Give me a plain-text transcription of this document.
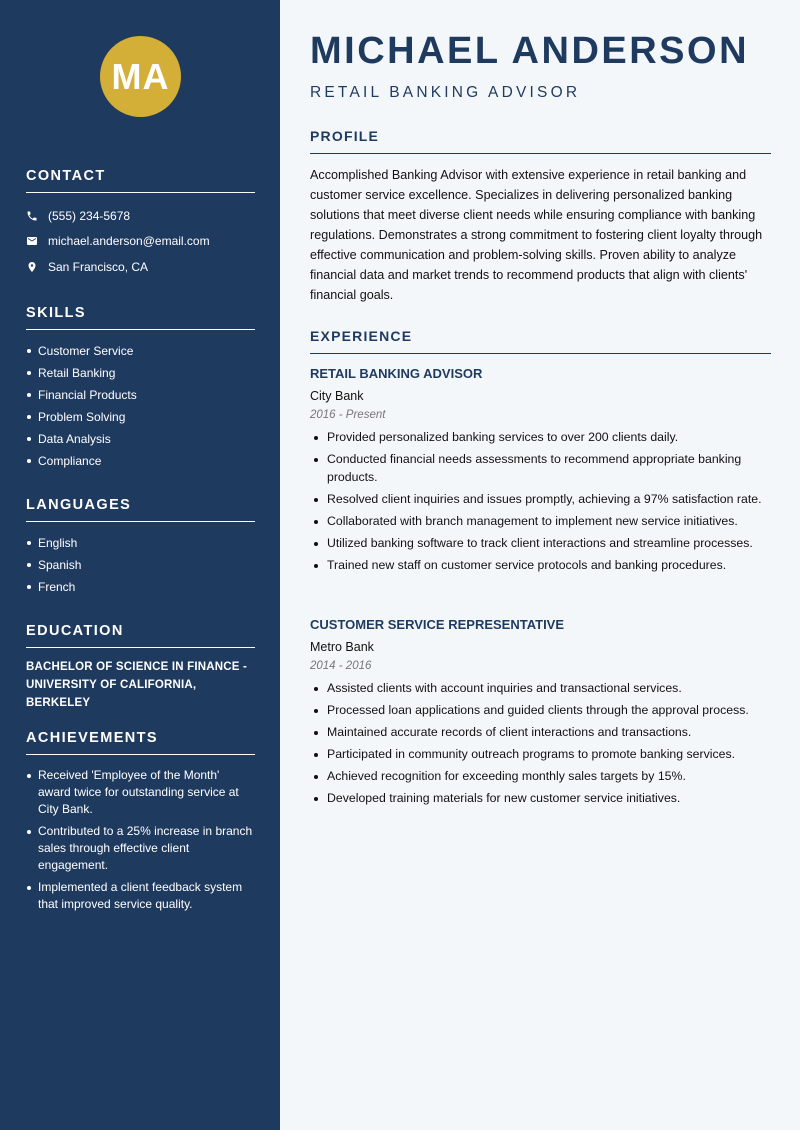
MA
CONTACT
(555) 234-5678
michael.anderson@email.com
San Francisco, CA
SKILLS
Customer Service
Retail Banking
Financial Products
Problem Solving
Data Analysis
Compliance
LANGUAGES
English
Spanish
French
EDUCATION
BACHELOR OF SCIENCE IN FINANCE - UNIVERSITY OF CALIFORNIA, BERKELEY
ACHIEVEMENTS
Received 'Employee of the Month' award twice for outstanding service at City Bank.
Contributed to a 25% increase in branch sales through effective client engagement.
Implemented a client feedback system that improved service quality.
MICHAEL ANDERSON
RETAIL BANKING ADVISOR
PROFILE

Accomplished Banking Advisor with extensive experience in retail banking and customer service excellence. Specializes in delivering personalized banking solutions that meet diverse client needs while ensuring compliance with banking regulations. Demonstrates a strong commitment to fostering client loyalty through effective communication and problem-solving skills. Proven ability to analyze financial data and market trends to recommend products that align with clients' financial goals.

EXPERIENCE
RETAIL BANKING ADVISOR
City Bank
2016 - Present
Provided personalized banking services to over 200 clients daily.
Conducted financial needs assessments to recommend appropriate banking products.
Resolved client inquiries and issues promptly, achieving a 97% satisfaction rate.
Collaborated with branch management to implement new service initiatives.
Utilized banking software to track client interactions and streamline processes.
Trained new staff on customer service protocols and banking procedures.
CUSTOMER SERVICE REPRESENTATIVE
Metro Bank
2014 - 2016
Assisted clients with account inquiries and transactional services.
Processed loan applications and guided clients through the approval process.
Maintained accurate records of client interactions and transactions.
Participated in community outreach programs to promote banking services.
Achieved recognition for exceeding monthly sales targets by 15%.
Developed training materials for new customer service initiatives.
